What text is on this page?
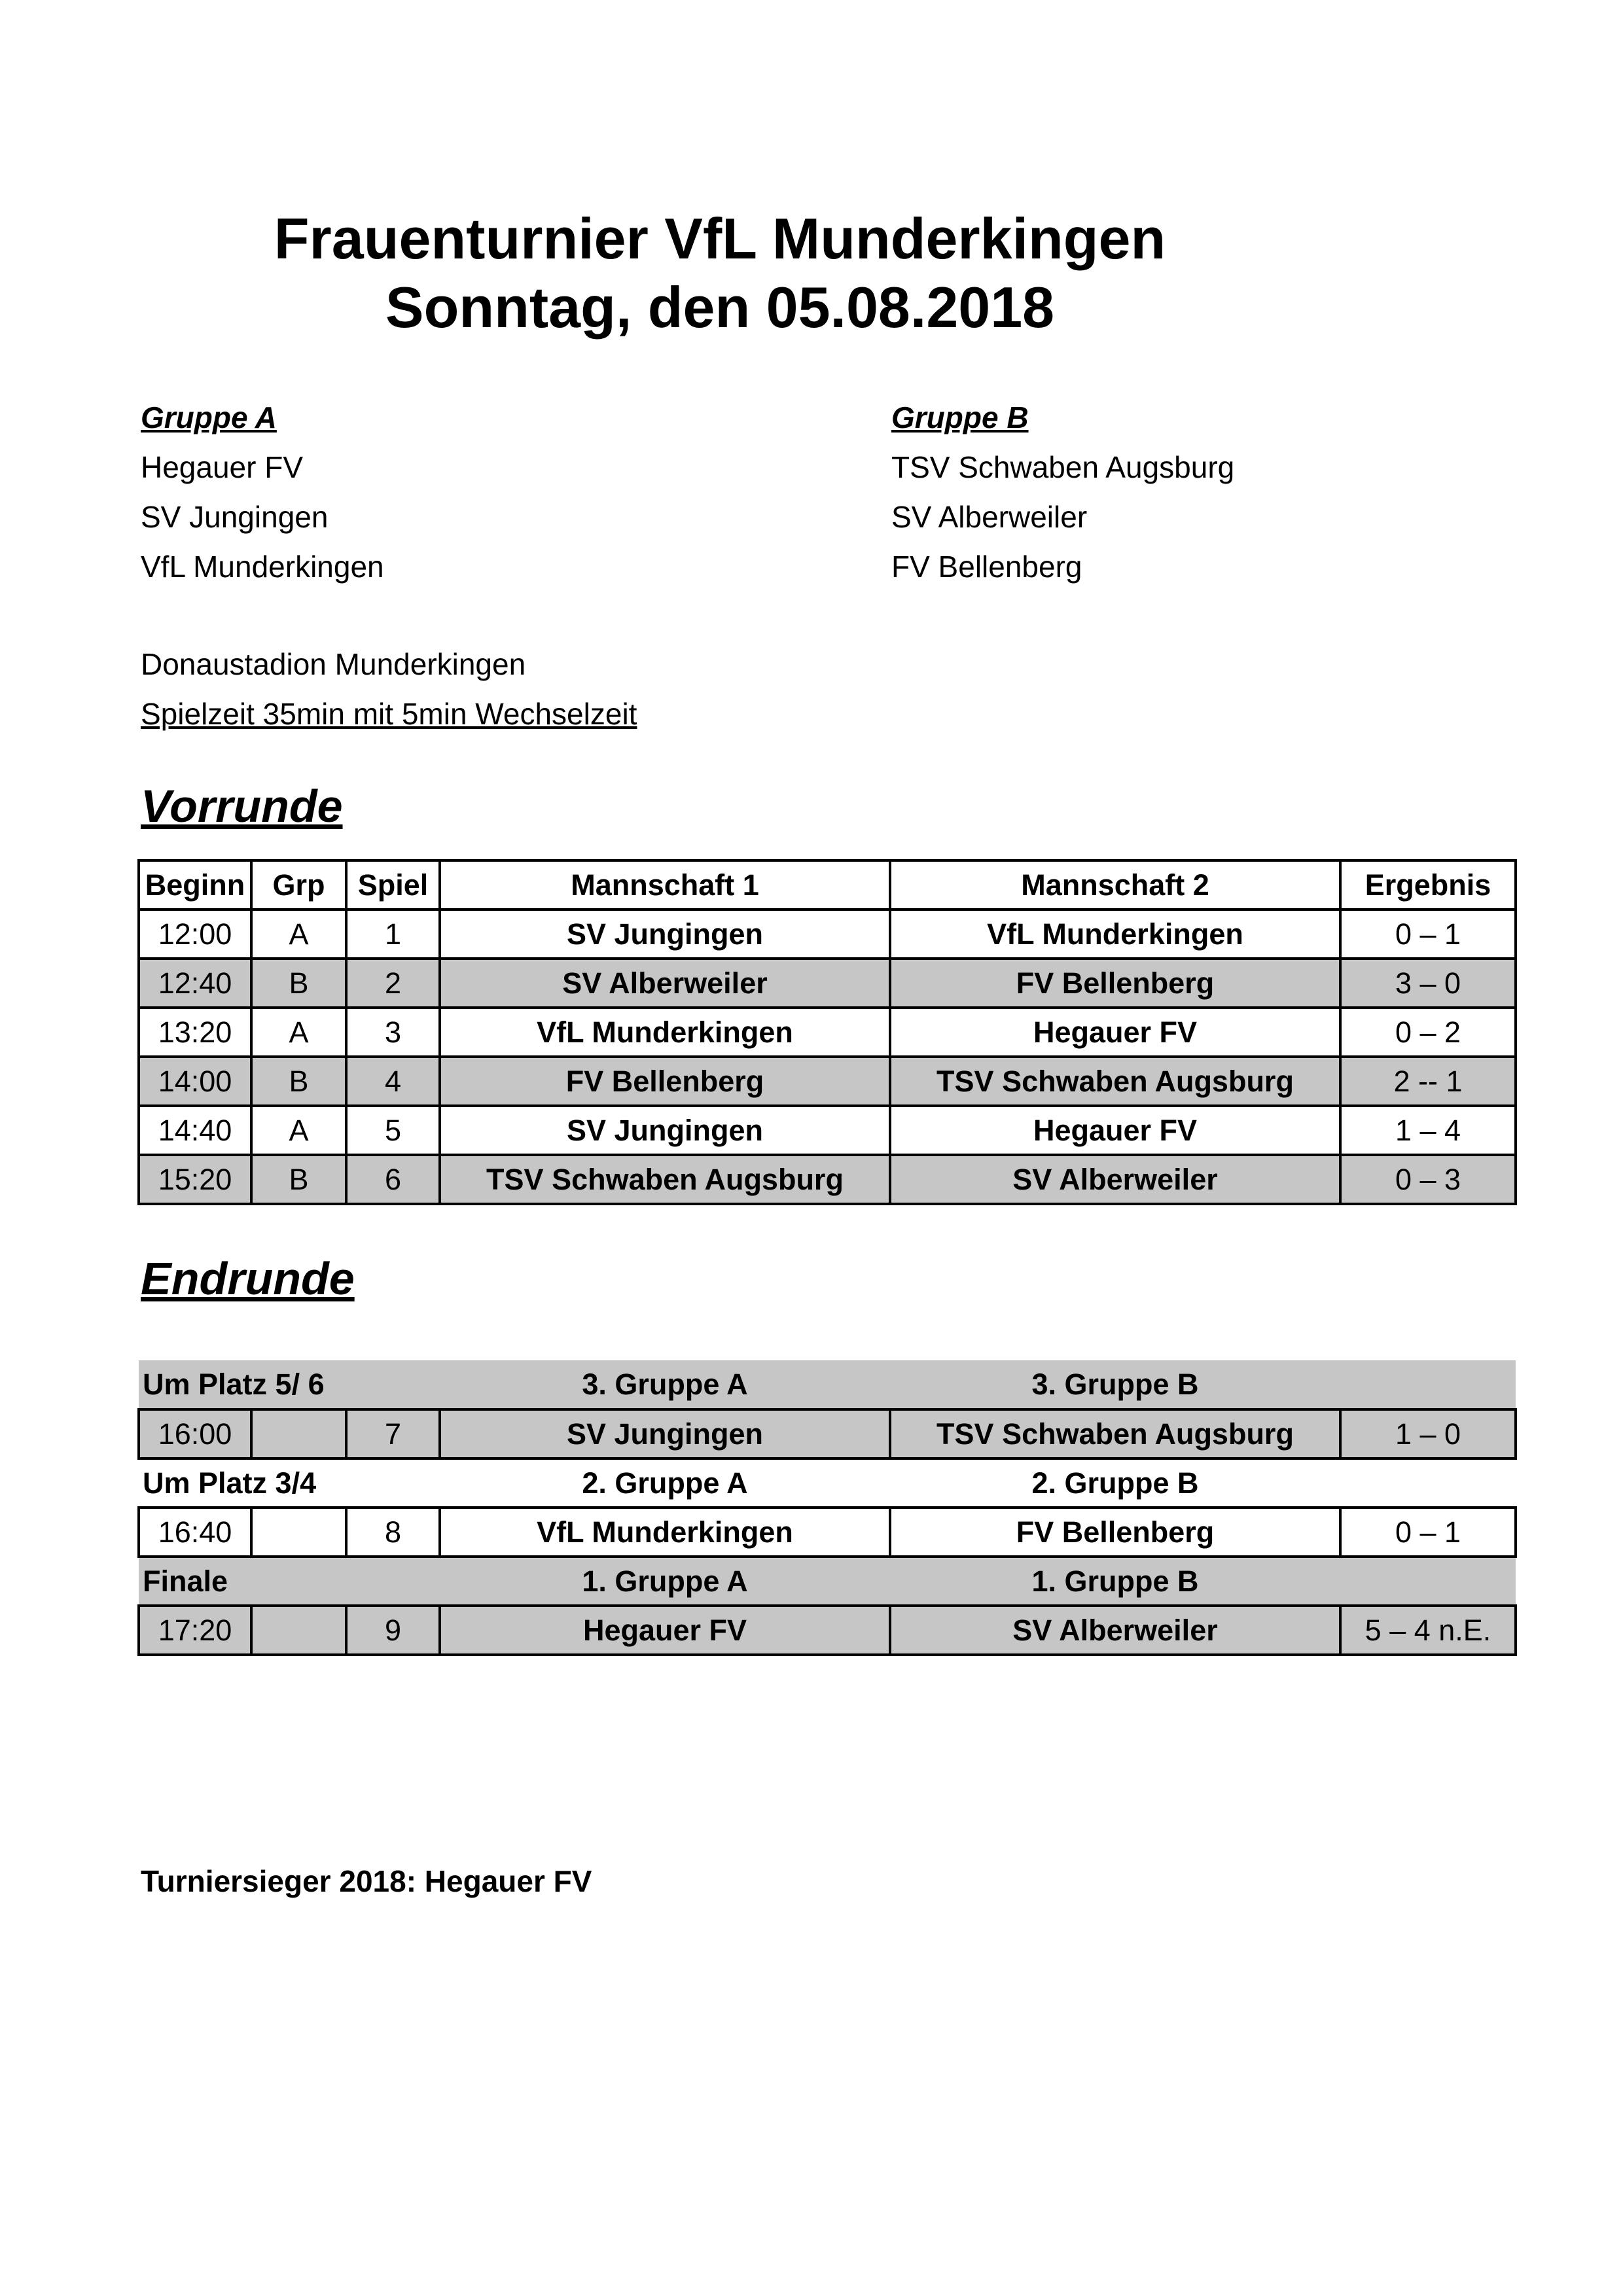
Frauenturnier VfL Munderkingen
Sonntag, den 05.08.2018
Gruppe A
Hegauer FV
SV Jungingen
VfL Munderkingen
Gruppe B
TSV Schwaben Augsburg
SV Alberweiler
FV Bellenberg
Donaustadion Munderkingen
Spielzeit 35min mit 5min Wechselzeit
Vorrunde
Beginn	Grp	Spiel	Mannschaft 1	Mannschaft 2	Ergebnis
12:00	A	1	SV Jungingen	VfL Munderkingen	0 – 1
12:40	B	2	SV Alberweiler	FV Bellenberg	3 – 0
13:20	A	3	VfL Munderkingen	Hegauer FV	0 – 2
14:00	B	4	FV Bellenberg	TSV Schwaben Augsburg	2 -- 1
14:40	A	5	SV Jungingen	Hegauer FV	1 – 4
15:20	B	6	TSV Schwaben Augsburg	SV Alberweiler	0 – 3
Endrunde
Um Platz 5/ 6			3. Gruppe A	3. Gruppe B	
16:00		7	SV Jungingen	TSV Schwaben Augsburg	1 – 0
Um Platz 3/4			2. Gruppe A	2. Gruppe B	
16:40		8	VfL Munderkingen	FV Bellenberg	0 – 1
Finale			1. Gruppe A	1. Gruppe B	
17:20		9	Hegauer FV	SV Alberweiler	5 – 4 n.E.
Turniersieger 2018: Hegauer FV
